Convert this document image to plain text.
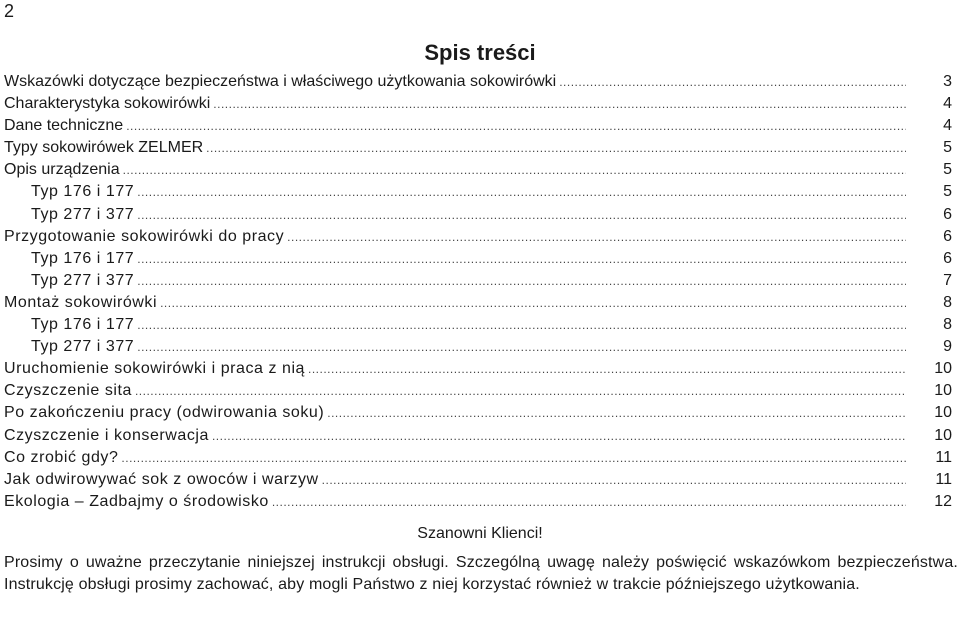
2
Spis treści
Wskazówki dotyczące bezpieczeństwa i właściwego użytkowania sokowirówki .....	3
Charakterystyka sokowirówki .....	4
Dane techniczne .....	4
Typy sokowirówek ZELMER .....	5
Opis urządzenia .....	5
Typ 176 i 177 .....	5
Typ 277 i 377 .....	6
Przygotowanie sokowirówki do pracy .....	6
Typ 176 i 177 .....	6
Typ 277 i 377 .....	7
Montaż sokowirówki .....	8
Typ 176 i 177 .....	8
Typ 277 i 377 .....	9
Uruchomienie sokowirówki i praca z nią .....	10
Czyszczenie sita .....	10
Po zakończeniu pracy (odwirowania soku) .....	10
Czyszczenie i konserwacja .....	10
Co zrobić gdy? .....	11
Jak odwirowywać sok z owoców i warzyw .....	11
Ekologia – Zadbajmy o środowisko .....	12
Szanowni Klienci!

Prosimy o uważne przeczytanie niniejszej instrukcji obsługi. Szczególną uwagę należy poświęcić wskazówkom bezpieczeństwa. Instrukcję obsługi prosimy zachować, aby mogli Państwo z niej korzystać również w trakcie późniejszego użytkowania.
